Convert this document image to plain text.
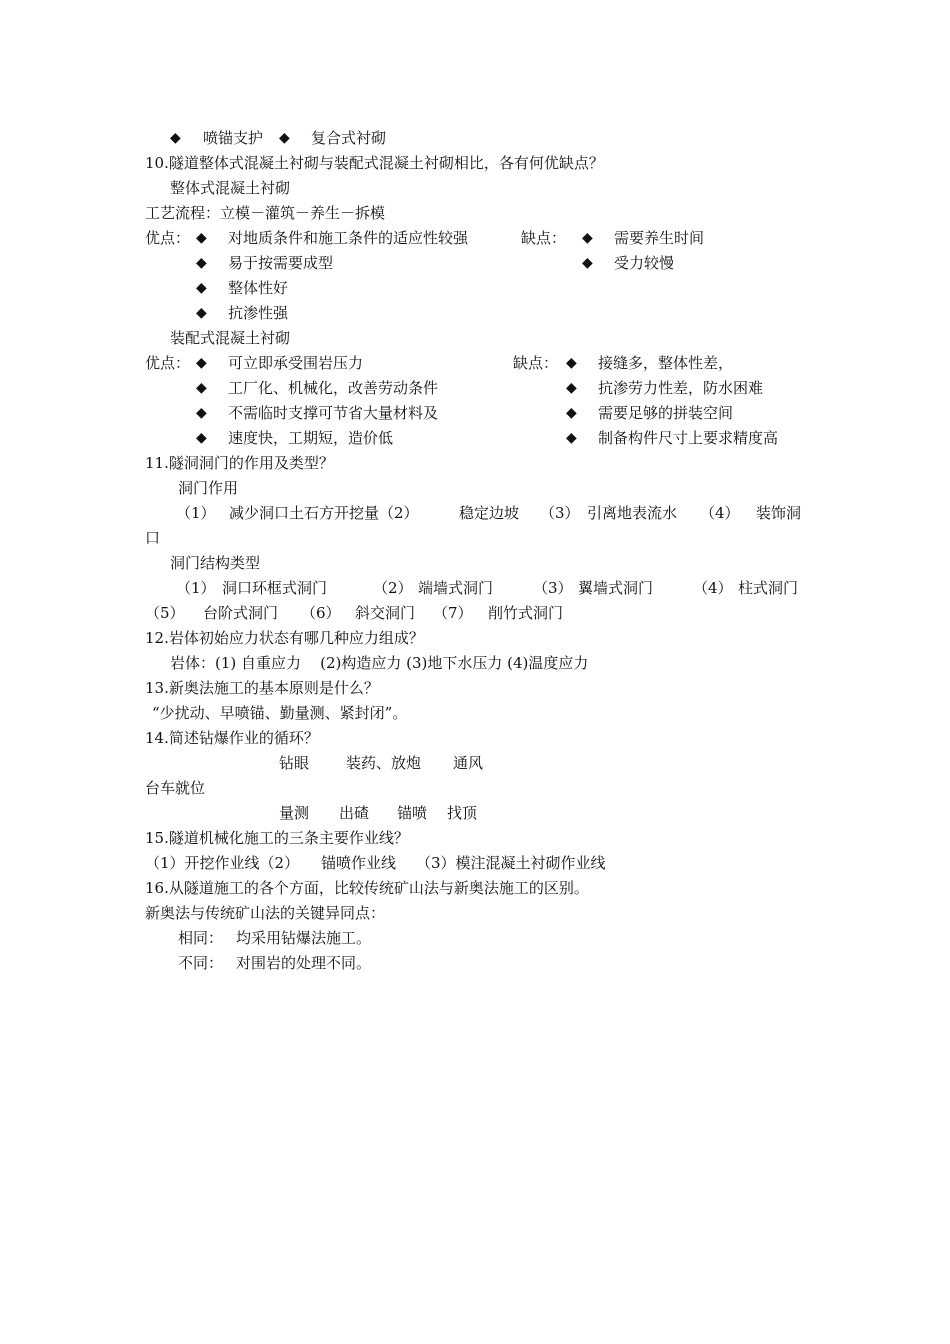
◆ 喷锚支护 ◆ 复合式衬砌
10.隧道整体式混凝土衬砌与装配式混凝土衬砌相比，各有何优缺点？
整体式混凝土衬砌
工艺流程：立模－灌筑－养生－拆模
优点： ◆ 对地质条件和施工条件的适应性较强	缺点： ◆ 需要养生时间
◆ 易于按需要成型	◆ 受力较慢
◆ 整体性好
◆ 抗渗性强
装配式混凝土衬砌
优点： ◆ 可立即承受围岩压力	缺点： ◆ 接缝多，整体性差，
◆ 工厂化、机械化，改善劳动条件	◆ 抗渗劳力性差，防水困难
◆ 不需临时支撑可节省大量材料及	◆ 需要足够的拼装空间
◆ 速度快，工期短，造价低	◆ 制备构件尺寸上要求精度高
11.隧洞洞门的作用及类型？
洞门作用
（1） 减少洞口土石方开挖量（2）	稳定边坡 （3） 引离地表流水 （4） 装饰洞
口
洞门结构类型
（1） 洞口环框式洞门	（2） 端墙式洞门	（3） 翼墙式洞门	（4） 柱式洞门
（5） 台阶式洞门 （6） 斜交洞门 （7） 削竹式洞门
12.岩体初始应力状态有哪几种应力组成？
岩体：(1) 自重应力    (2)构造应力 (3)地下水压力 (4)温度应力
13.新奥法施工的基本原则是什么？
“少扰动、早喷锚、勤量测、紧封闭”。
14.简述钻爆作业的循环？
钻眼 装药、放炮 通风
台车就位
量测 出碴 锚喷 找顶
15.隧道机械化施工的三条主要作业线？
（1）开挖作业线（2） 锚喷作业线 （3）模注混凝土衬砌作业线
16.从隧道施工的各个方面，比较传统矿山法与新奥法施工的区别。
新奥法与传统矿山法的关键异同点：
相同： 均采用钻爆法施工。
不同： 对围岩的处理不同。
